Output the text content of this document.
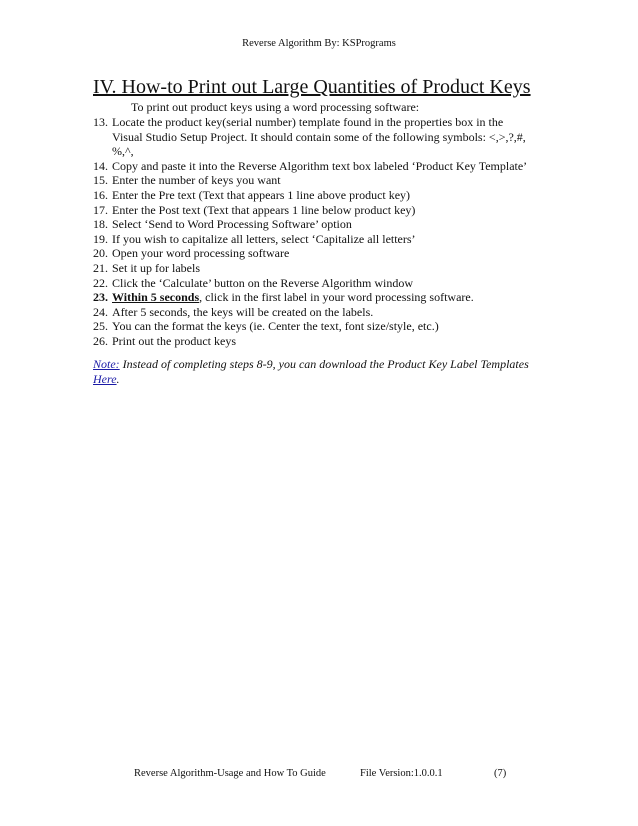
Reverse Algorithm By: KSPrograms
IV. How-to Print out Large Quantities of Product Keys
To print out product keys using a word processing software:
13. Locate the product key(serial number) template found in the properties box in the
Visual Studio Setup Project. It should contain some of the following symbols: <,>,?,#,
%,^,
14. Copy and paste it into the Reverse Algorithm text box labeled ‘Product Key Template’
15. Enter the number of keys you want
16. Enter the Pre text (Text that appears 1 line above product key)
17. Enter the Post text (Text that appears 1 line below product key)
18. Select ‘Send to Word Processing Software’ option
19. If you wish to capitalize all letters, select ‘Capitalize all letters’
20. Open your word processing software
21. Set it up for labels
22. Click the ‘Calculate’ button on the Reverse Algorithm window
23. Within 5 seconds, click in the first label in your word processing software.
24. After 5 seconds, the keys will be created on the labels.
25. You can the format the keys (ie. Center the text, font size/style, etc.)
26. Print out the product keys
Note: Instead of completing steps 8-9, you can download the Product Key Label Templates
Here.
Reverse Algorithm-Usage and How To Guide	File Version:1.0.0.1	(7)
